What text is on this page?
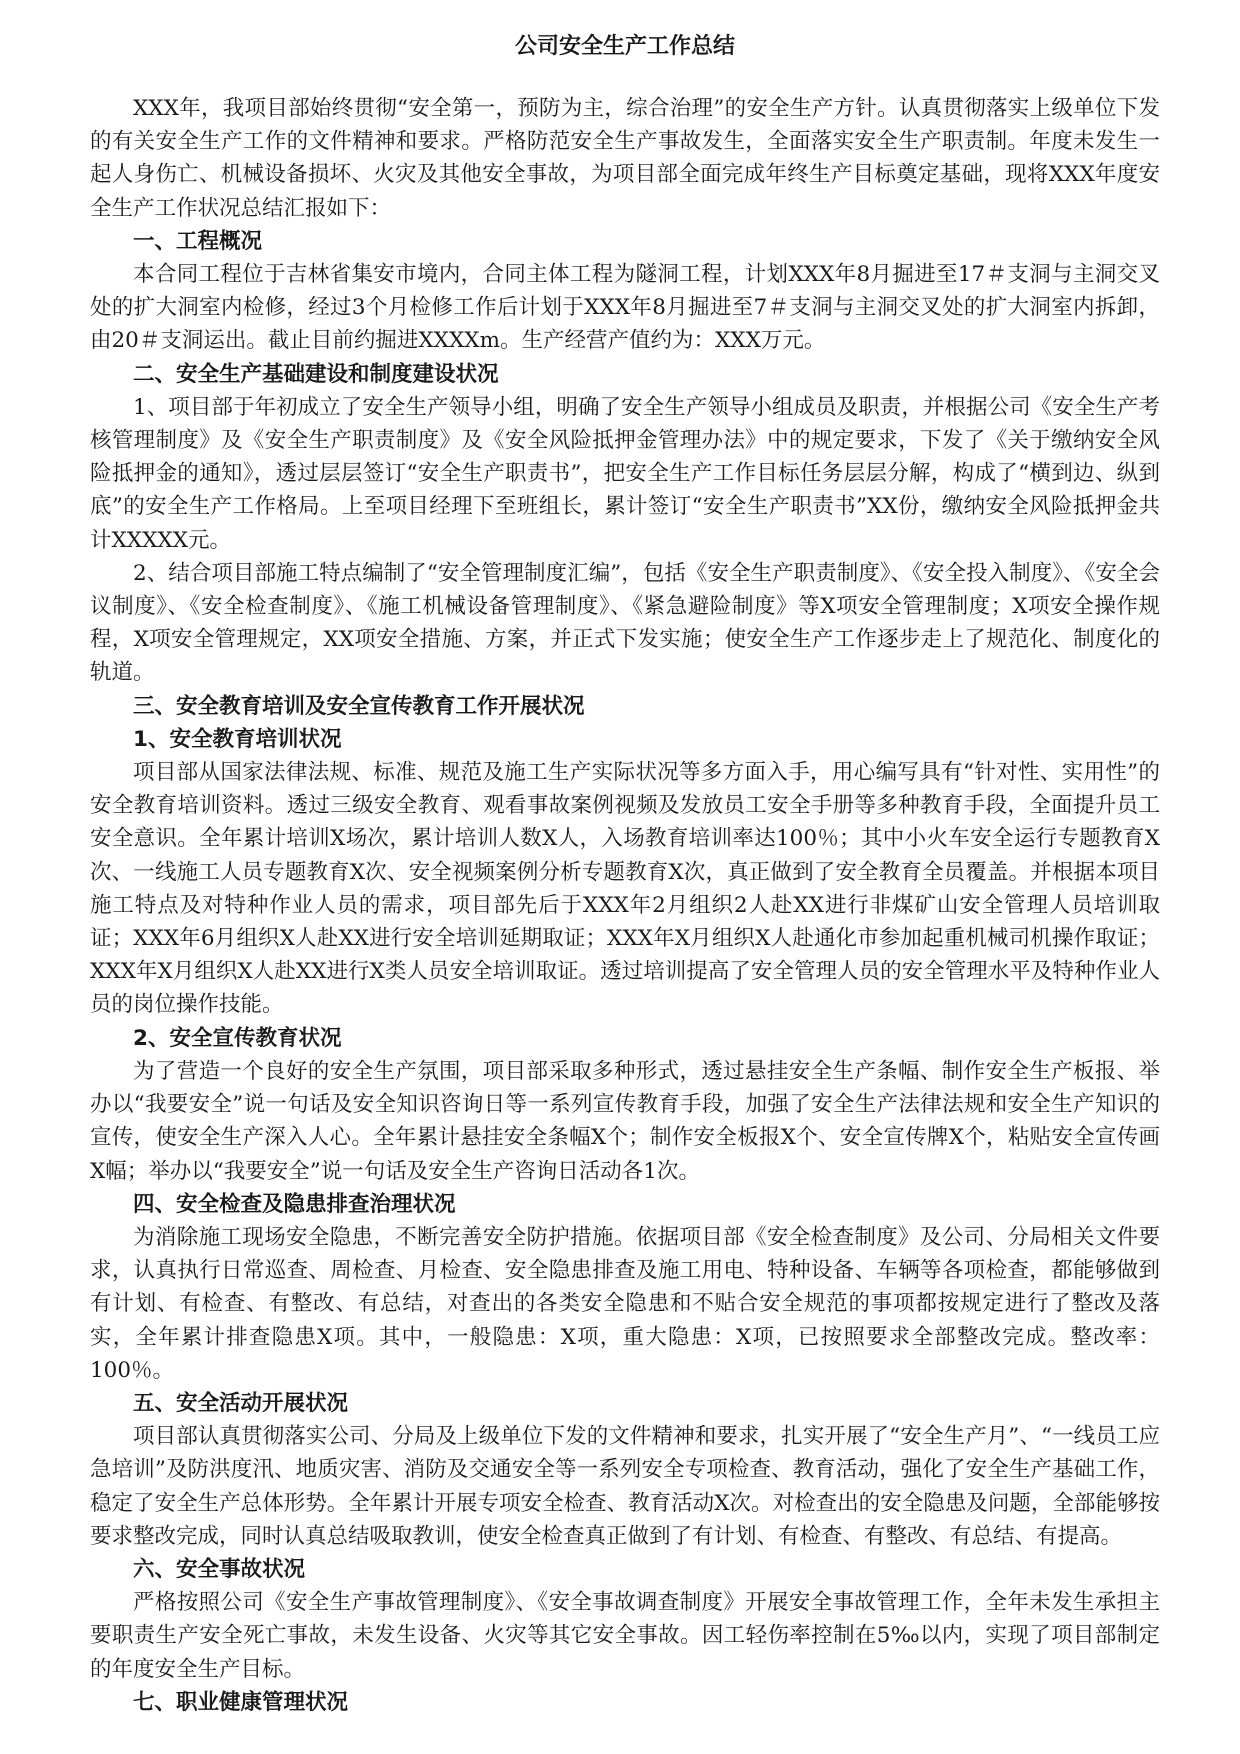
公司安全生产工作总结

XXX年，我项目部始终贯彻“安全第一，预防为主，综合治理”的安全生产方针。认真贯彻落实上级单位下发的有关安全生产工作的文件精神和要求。严格防范安全生产事故发生，全面落实安全生产职责制。年度未发生一起人身伤亡、机械设备损坏、火灾及其他安全事故，为项目部全面完成年终生产目标奠定基础，现将XXX年度安全生产工作状况总结汇报如下：

一、工程概况

本合同工程位于吉林省集安市境内，合同主体工程为隧洞工程，计划XXX年8月掘进至17＃支洞与主洞交叉处的扩大洞室内检修，经过3个月检修工作后计划于XXX年8月掘进至7＃支洞与主洞交叉处的扩大洞室内拆卸，由20＃支洞运出。截止目前约掘进XXXXm。生产经营产值约为：XXX万元。

二、安全生产基础建设和制度建设状况

1、项目部于年初成立了安全生产领导小组，明确了安全生产领导小组成员及职责，并根据公司《安全生产考核管理制度》及《安全生产职责制度》及《安全风险抵押金管理办法》中的规定要求，下发了《关于缴纳安全风险抵押金的通知》，透过层层签订“安全生产职责书”，把安全生产工作目标任务层层分解，构成了“横到边、纵到底”的安全生产工作格局。上至项目经理下至班组长，累计签订“安全生产职责书”XX份，缴纳安全风险抵押金共计XXXXX元。

2、结合项目部施工特点编制了“安全管理制度汇编”，包括《安全生产职责制度》、《安全投入制度》、《安全会议制度》、《安全检查制度》、《施工机械设备管理制度》、《紧急避险制度》等X项安全管理制度；X项安全操作规程，X项安全管理规定，XX项安全措施、方案，并正式下发实施；使安全生产工作逐步走上了规范化、制度化的轨道。

三、安全教育培训及安全宣传教育工作开展状况
1、安全教育培训状况

项目部从国家法律法规、标准、规范及施工生产实际状况等多方面入手，用心编写具有“针对性、实用性”的安全教育培训资料。透过三级安全教育、观看事故案例视频及发放员工安全手册等多种教育手段，全面提升员工安全意识。全年累计培训X场次，累计培训人数X人，入场教育培训率达100％；其中小火车安全运行专题教育X次、一线施工人员专题教育X次、安全视频案例分析专题教育X次，真正做到了安全教育全员覆盖。并根据本项目施工特点及对特种作业人员的需求，项目部先后于XXX年2月组织2人赴XX进行非煤矿山安全管理人员培训取证；XXX年6月组织X人赴XX进行安全培训延期取证；XXX年X月组织X人赴通化市参加起重机械司机操作取证；XXX年X月组织X人赴XX进行X类人员安全培训取证。透过培训提高了安全管理人员的安全管理水平及特种作业人员的岗位操作技能。

2、安全宣传教育状况

为了营造一个良好的安全生产氛围，项目部采取多种形式，透过悬挂安全生产条幅、制作安全生产板报、举办以“我要安全”说一句话及安全知识咨询日等一系列宣传教育手段，加强了安全生产法律法规和安全生产知识的宣传，使安全生产深入人心。全年累计悬挂安全条幅X个；制作安全板报X个、安全宣传牌X个，粘贴安全宣传画X幅；举办以“我要安全”说一句话及安全生产咨询日活动各1次。

四、安全检查及隐患排查治理状况

为消除施工现场安全隐患，不断完善安全防护措施。依据项目部《安全检查制度》及公司、分局相关文件要求，认真执行日常巡查、周检查、月检查、安全隐患排查及施工用电、特种设备、车辆等各项检查，都能够做到有计划、有检查、有整改、有总结，对查出的各类安全隐患和不贴合安全规范的事项都按规定进行了整改及落实，全年累计排查隐患X项。其中，一般隐患：X项，重大隐患：X项，已按照要求全部整改完成。整改率：100％。

五、安全活动开展状况

项目部认真贯彻落实公司、分局及上级单位下发的文件精神和要求，扎实开展了“安全生产月”、“一线员工应急培训”及防洪度汛、地质灾害、消防及交通安全等一系列安全专项检查、教育活动，强化了安全生产基础工作，稳定了安全生产总体形势。全年累计开展专项安全检查、教育活动X次。对检查出的安全隐患及问题，全部能够按要求整改完成，同时认真总结吸取教训，使安全检查真正做到了有计划、有检查、有整改、有总结、有提高。

六、安全事故状况

严格按照公司《安全生产事故管理制度》、《安全事故调查制度》开展安全事故管理工作，全年未发生承担主要职责生产安全死亡事故，未发生设备、火灾等其它安全事故。因工轻伤率控制在5‰以内，实现了项目部制定的年度安全生产目标。

七、职业健康管理状况
